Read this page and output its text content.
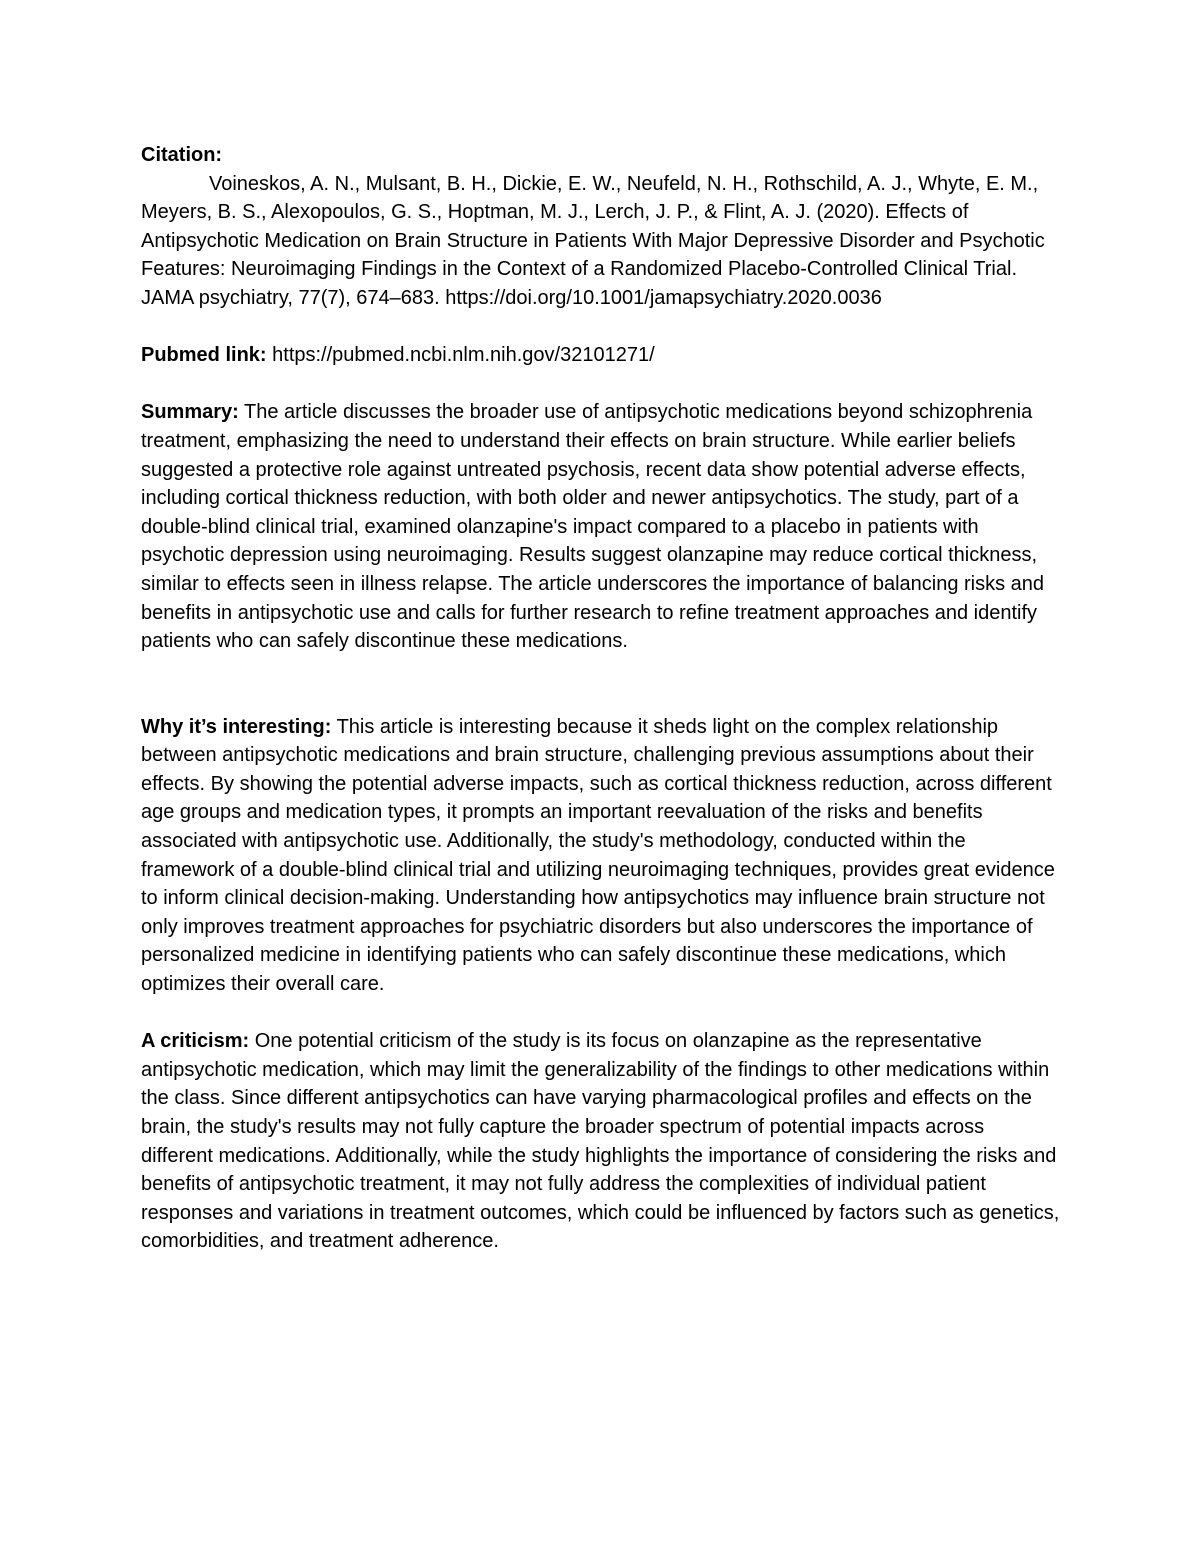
Citation:

Voineskos, A. N., Mulsant, B. H., Dickie, E. W., Neufeld, N. H., Rothschild, A. J., Whyte, E. M., Meyers, B. S., Alexopoulos, G. S., Hoptman, M. J., Lerch, J. P., & Flint, A. J. (2020). Effects of Antipsychotic Medication on Brain Structure in Patients With Major Depressive Disorder and Psychotic Features: Neuroimaging Findings in the Context of a Randomized Placebo-Controlled Clinical Trial. JAMA psychiatry, 77(7), 674–683. https://doi.org/10.1001/jamapsychiatry.2020.0036

Pubmed link: https://pubmed.ncbi.nlm.nih.gov/32101271/

Summary: The article discusses the broader use of antipsychotic medications beyond schizophrenia treatment, emphasizing the need to understand their effects on brain structure. While earlier beliefs suggested a protective role against untreated psychosis, recent data show potential adverse effects, including cortical thickness reduction, with both older and newer antipsychotics. The study, part of a double-blind clinical trial, examined olanzapine's impact compared to a placebo in patients with psychotic depression using neuroimaging. Results suggest olanzapine may reduce cortical thickness, similar to effects seen in illness relapse. The article underscores the importance of balancing risks and benefits in antipsychotic use and calls for further research to refine treatment approaches and identify patients who can safely discontinue these medications.

Why it’s interesting: This article is interesting because it sheds light on the complex relationship between antipsychotic medications and brain structure, challenging previous assumptions about their effects. By showing the potential adverse impacts, such as cortical thickness reduction, across different age groups and medication types, it prompts an important reevaluation of the risks and benefits associated with antipsychotic use. Additionally, the study's methodology, conducted within the framework of a double-blind clinical trial and utilizing neuroimaging techniques, provides great evidence to inform clinical decision-making. Understanding how antipsychotics may influence brain structure not only improves treatment approaches for psychiatric disorders but also underscores the importance of personalized medicine in identifying patients who can safely discontinue these medications, which optimizes their overall care.

A criticism: One potential criticism of the study is its focus on olanzapine as the representative antipsychotic medication, which may limit the generalizability of the findings to other medications within the class. Since different antipsychotics can have varying pharmacological profiles and effects on the brain, the study's results may not fully capture the broader spectrum of potential impacts across different medications. Additionally, while the study highlights the importance of considering the risks and benefits of antipsychotic treatment, it may not fully address the complexities of individual patient responses and variations in treatment outcomes, which could be influenced by factors such as genetics, comorbidities, and treatment adherence.
